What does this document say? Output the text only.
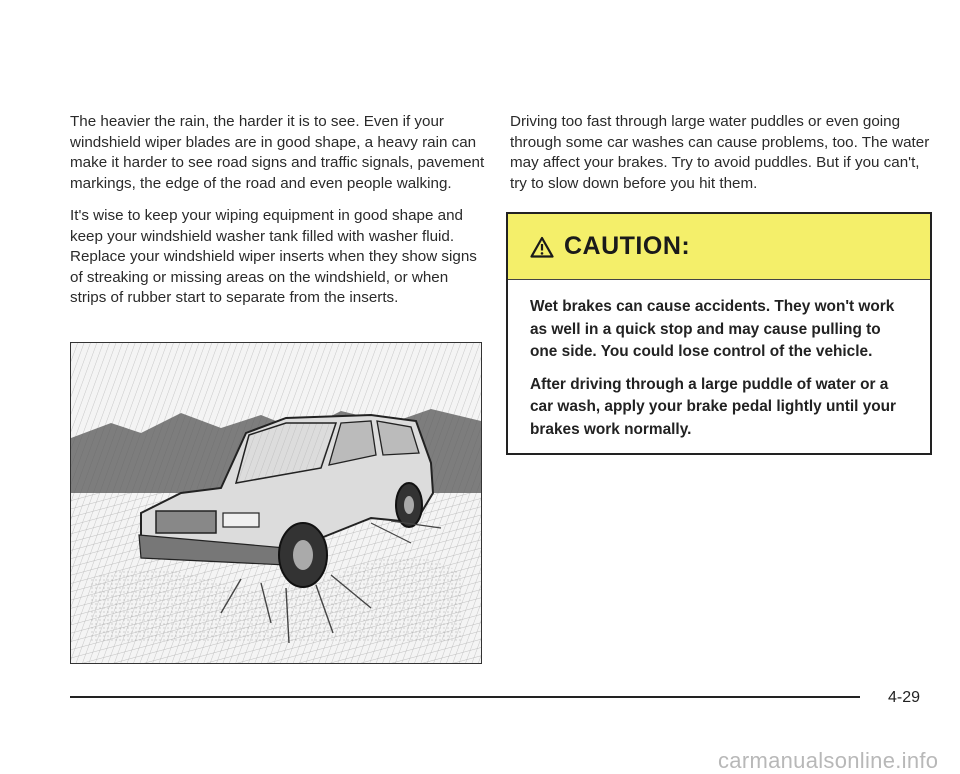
The heavier the rain, the harder it is to see. Even if your windshield wiper blades are in good shape, a heavy rain can make it harder to see road signs and traffic signals, pavement markings, the edge of the road and even people walking.

It's wise to keep your wiping equipment in good shape and keep your windshield washer tank filled with washer fluid. Replace your windshield wiper inserts when they show signs of streaking or missing areas on the windshield, or when strips of rubber start to separate from the inserts.

Driving too fast through large water puddles or even going through some car washes can cause problems, too. The water may affect your brakes. Try to avoid puddles. But if you can't, try to slow down before you hit them.

CAUTION:

Wet brakes can cause accidents. They won't work as well in a quick stop and may cause pulling to one side. You could lose control of the vehicle.

After driving through a large puddle of water or a car wash, apply your brake pedal lightly until your brakes work normally.

4-29
carmanualsonline.info
